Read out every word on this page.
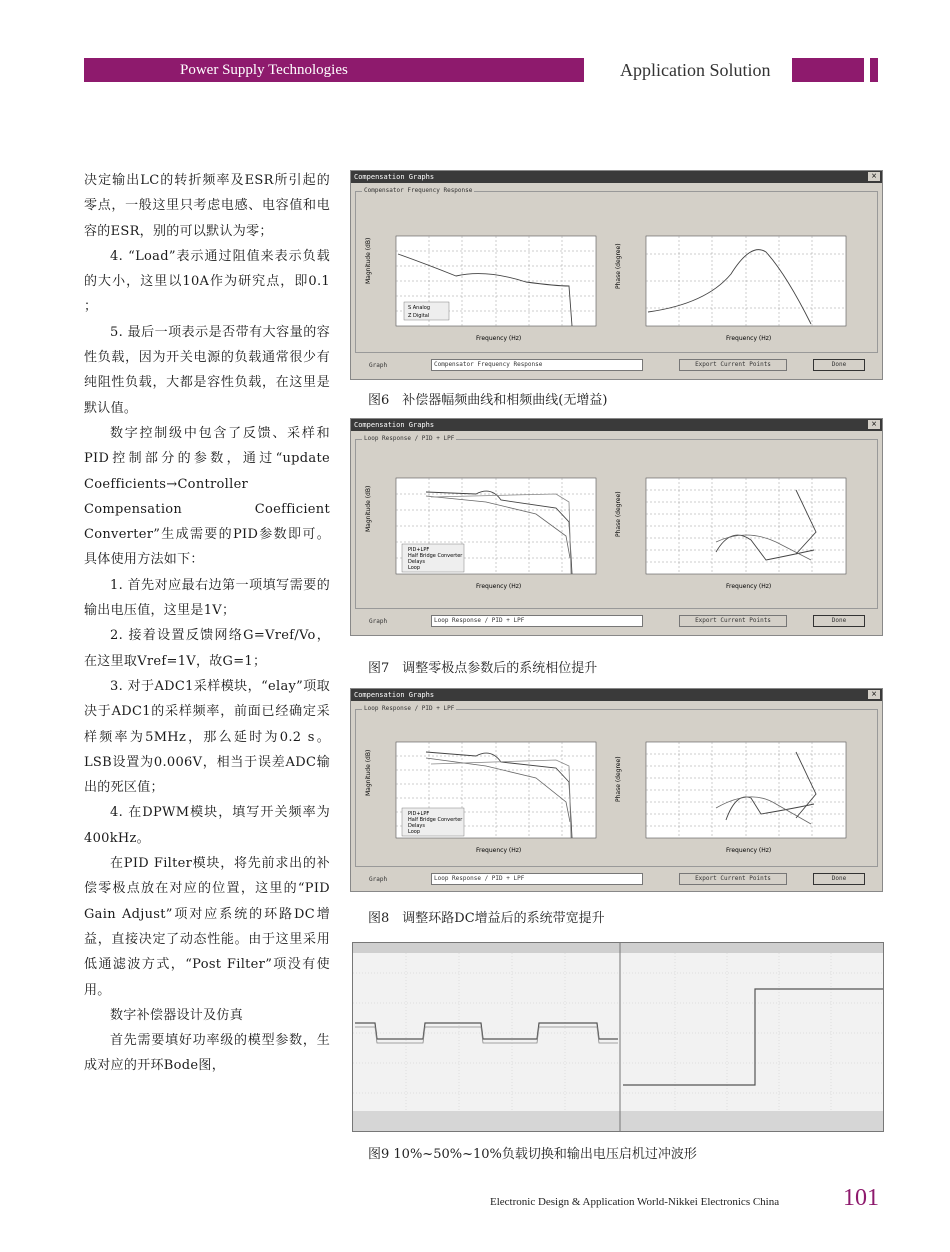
Power Supply Technologies	Application Solution

决定输出LC的转折频率及ESR所引起的零点，一般这里只考虑电感、电容值和电容的ESR，别的可以默认为零；

4. “Load”表示通过阻值来表示负载的大小，这里以10A作为研究点，即0.1 ；

5. 最后一项表示是否带有大容量的容性负载，因为开关电源的负载通常很少有纯阻性负载，大都是容性负载，在这里是默认值。

数字控制级中包含了反馈、采样和PID控制部分的参数，通过“update Coefficients→Controller Compensation Coefficient Converter”生成需要的PID参数即可。具体使用方法如下：

1. 首先对应最右边第一项填写需要的输出电压值，这里是1V；

2. 接着设置反馈网络G=Vref/Vo，在这里取Vref=1V，故G=1；

3. 对于ADC1采样模块，“elay”项取决于ADC1的采样频率，前面已经确定采样频率为5MHz，那么延时为0.2 s。LSB设置为0.006V，相当于误差ADC输出的死区值；

4. 在DPWM模块，填写开关频率为400kHz。

在PID Filter模块，将先前求出的补偿零极点放在对应的位置，这里的“PID Gain Adjust”项对应系统的环路DC增益，直接决定了动态性能。由于这里采用低通滤波方式，“Post Filter”项没有使用。

数字补偿器设计及仿真

首先需要填好功率级的模型参数，生成对应的开环Bode图，

Compensation Graphs	×
Compensator Frequency Response
S Analog
Z Digital
Magnitude (dB)
Frequency (Hz)
Phase (degree)
Frequency (Hz)
Graph	Compensator Frequency Response	Export Current Points	Done
图6　补偿器幅频曲线和相频曲线(无增益)
Compensation Graphs	×
Loop Response / PID + LPF
PID+LPF
Half Bridge Converter
Delays
Loop
Magnitude (dB)
Frequency (Hz)
Phase (degree)
Frequency (Hz)
Graph	Loop Response / PID + LPF	Export Current Points	Done
图7　调整零极点参数后的系统相位提升
Compensation Graphs	×
Loop Response / PID + LPF
PID+LPF
Half Bridge Converter
Delays
Loop
Magnitude (dB)
Frequency (Hz)
Phase (degree)
Frequency (Hz)
Graph	Loop Response / PID + LPF	Export Current Points	Done
图8　调整环路DC增益后的系统带宽提升
图9 10%~50%~10%负载切换和输出电压启机过冲波形
Electronic Design & Application World-Nikkei Electronics China	101
